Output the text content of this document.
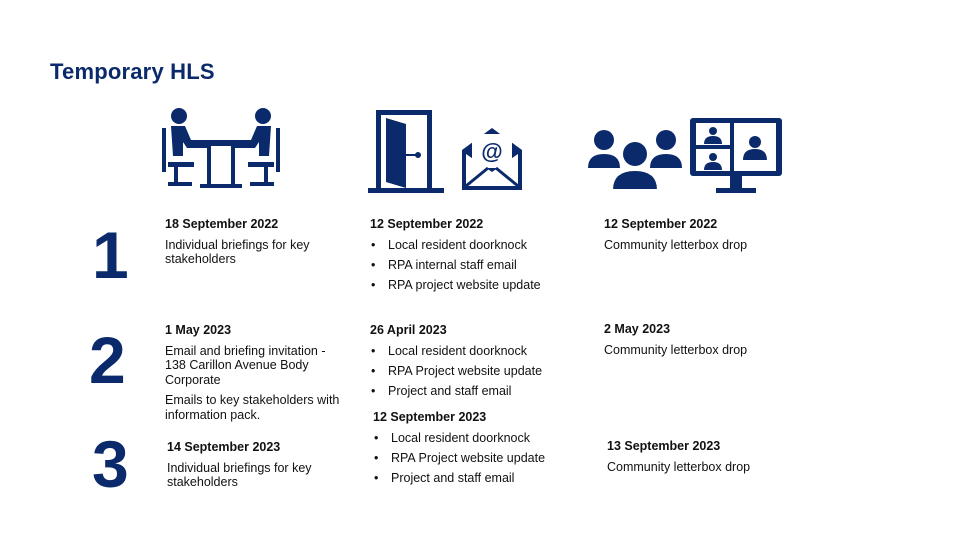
Temporary HLS
@
1	18 September 2022

Individual briefings for key stakeholders

12 September 2022
• Local resident doorknock
• RPA internal staff email
• RPA project website update
12 September 2022

Community letterbox drop

2	1 May 2023

Email and briefing invitation - 138 Carillon Avenue Body Corporate

Emails to key stakeholders with information pack.

26 April 2023
• Local resident doorknock
• RPA Project website update
• Project and staff email
2 May 2023

Community letterbox drop

3	14 September 2023

Individual briefings for key stakeholders

12 September 2023
• Local resident doorknock
• RPA Project website update
• Project and staff email
13 September 2023

Community letterbox drop
